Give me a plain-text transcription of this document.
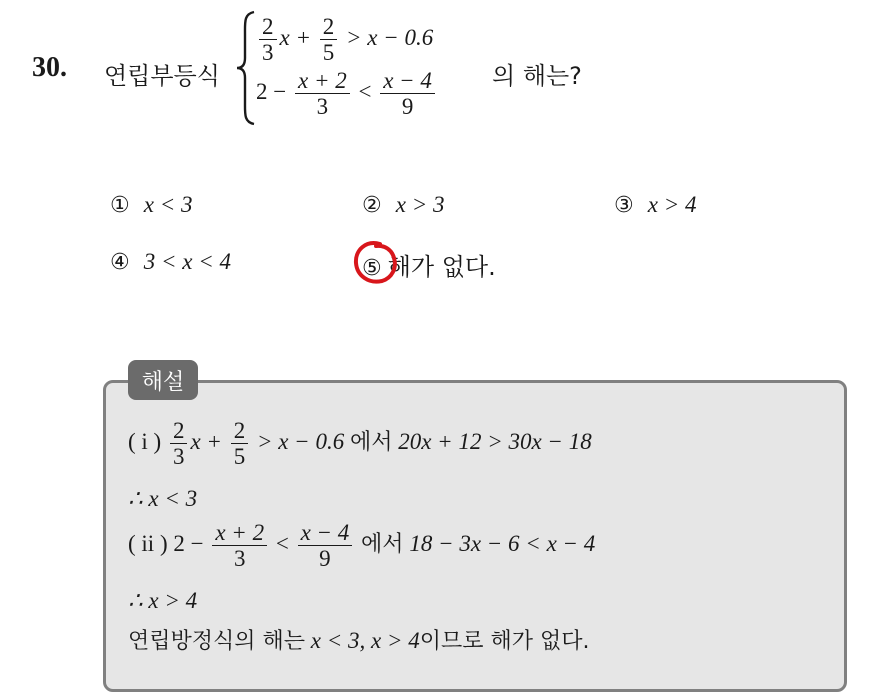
30. 연립부등식
$\frac{2}{3}$ $x + \frac{2}{5} > x - 0.6$
$2 - \frac{x + 2}{3} < \frac{x - 4}{9}$ 의 해는?
① x < 3	② x > 3	③ x > 4
④ 3 < x < 4	⑤ 해가 없다.
해설
( i ) $\frac{2}{3}$ $x + \frac{2}{5} > x - 0.6$ 에서 20x + 12 > 30x − 18
∴ x < 3
( ii ) $2 - \frac{x + 2}{3} < \frac{x - 4}{9}$ 에서 18 − 3x − 6 < x − 4
∴ x > 4
연립방정식의 해는 x < 3, x > 4이므로 해가 없다.
